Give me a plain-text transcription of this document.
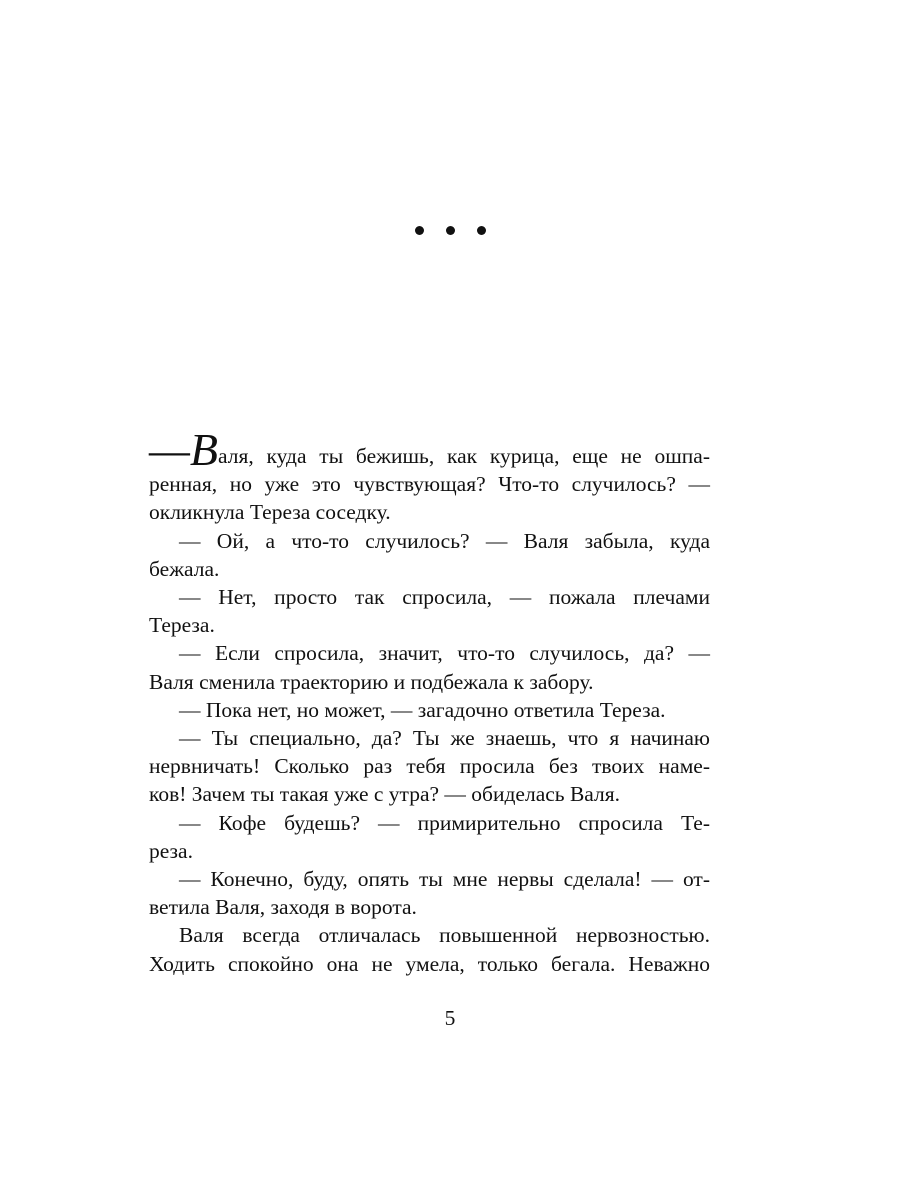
—Валя, куда ты бежишь, как курица, еще не ошпа-
ренная, но уже это чувствующая? Что-то случилось? —
окликнула Тереза соседку.
— Ой, а что-то случилось? — Валя забыла, куда
бежала.
— Нет, просто так спросила, — пожала плечами
Тереза.
— Если спросила, значит, что-то случилось, да? —
Валя сменила траекторию и подбежала к забору.
— Пока нет, но может, — загадочно ответила Тереза.
— Ты специально, да? Ты же знаешь, что я начинаю
нервничать! Сколько раз тебя просила без твоих наме-
ков! Зачем ты такая уже с утра? — обиделась Валя.
— Кофе будешь? — примирительно спросила Те-
реза.
— Конечно, буду, опять ты мне нервы сделала! — от-
ветила Валя, заходя в ворота.
Валя всегда отличалась повышенной нервозностью.
Ходить спокойно она не умела, только бегала. Неважно
5
